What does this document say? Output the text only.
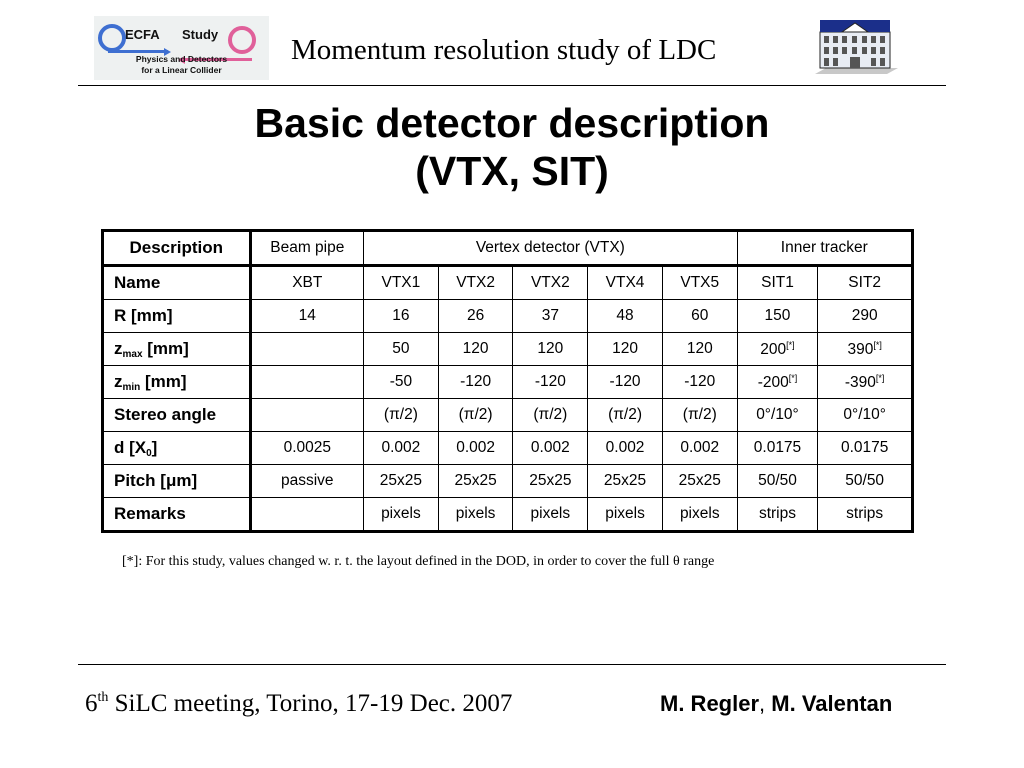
ECFA Study
Physics and Detectors
for a Linear Collider
Momentum resolution study of LDC
Basic detector description
(VTX, SIT)
Description	Beam pipe	Vertex detector (VTX)					Inner tracker	
Name	XBT	VTX1	VTX2	VTX2	VTX4	VTX5	SIT1	SIT2
R [mm]	14	16	26	37	48	60	150	290
$z_{max}$ [mm]		50	120	120	120	120	200[*]	390[*]
$z_{min}$ [mm]		-50	-120	-120	-120	-120	-200[*]	-390[*]
Stereo angle		(π/2)	(π/2)	(π/2)	(π/2)	(π/2)	0°/10°	0°/10°
d $[X_0]$	0.0025	0.002	0.002	0.002	0.002	0.002	0.0175	0.0175
Pitch [μm]	passive	25x25	25x25	25x25	25x25	25x25	50/50	50/50
Remarks		pixels	pixels	pixels	pixels	pixels	strips	strips
[*]: For this study, values changed w. r. t. the layout defined in the DOD, in order to cover the full θ range
6th SiLC meeting, Torino, 17-19 Dec. 2007	M. Regler, M. Valentan
